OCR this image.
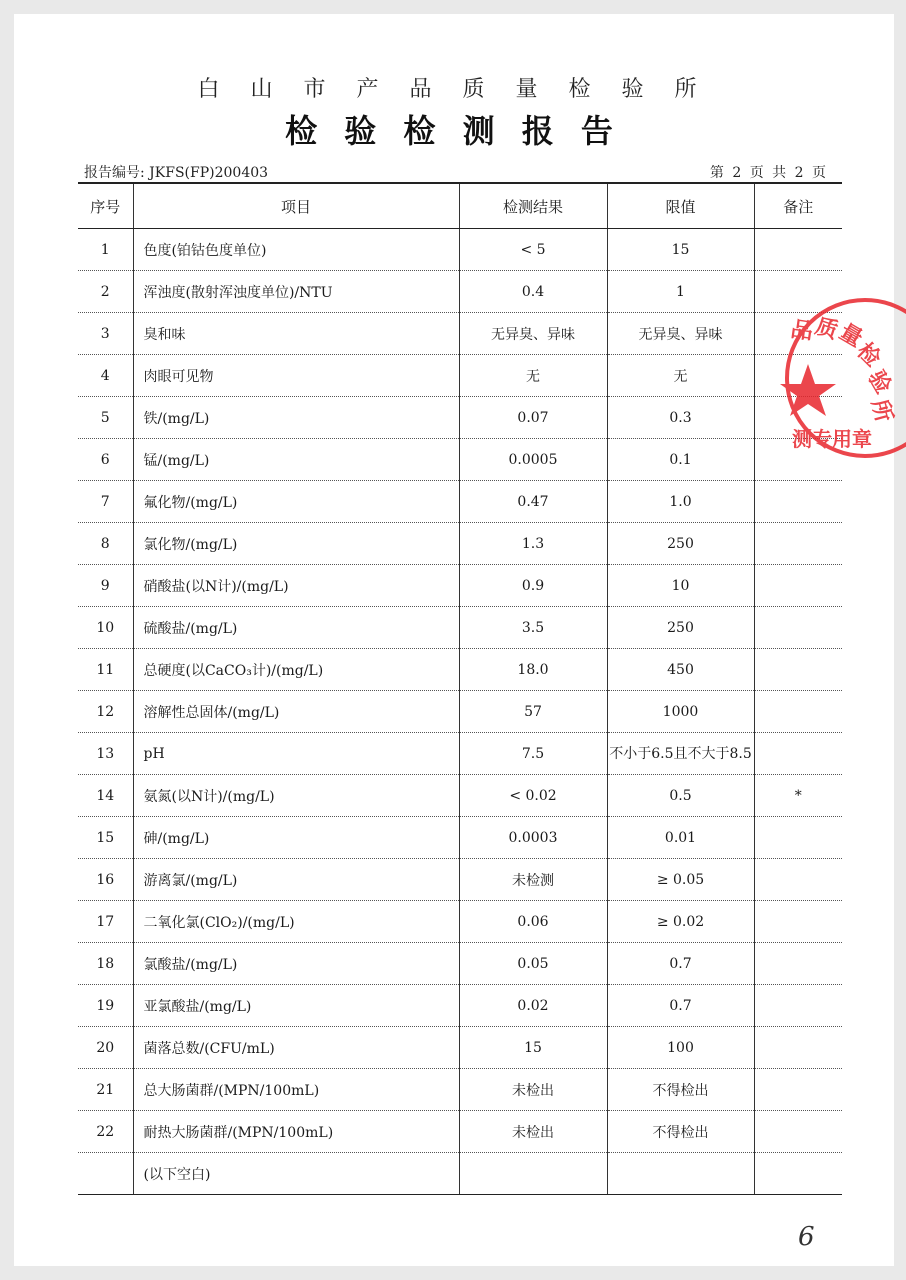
白 山 市 产 品 质 量 检 验 所
检 验 检 测 报 告
报告编号: JKFS(FP)200403	第 2 页 共 2 页
序号	项目	检测结果	限值	备注
1	色度(铂钴色度单位)	< 5	15	
2	浑浊度(散射浑浊度单位)/NTU	0.4	1	
3	臭和味	无异臭、异味	无异臭、异味	
4	肉眼可见物	无	无	
5	铁/(mg/L)	0.07	0.3	
6	锰/(mg/L)	0.0005	0.1	
7	氟化物/(mg/L)	0.47	1.0	
8	氯化物/(mg/L)	1.3	250	
9	硝酸盐(以N计)/(mg/L)	0.9	10	
10	硫酸盐/(mg/L)	3.5	250	
11	总硬度(以CaCO₃计)/(mg/L)	18.0	450	
12	溶解性总固体/(mg/L)	57	1000	
13	pH	7.5	不小于6.5且不大于8.5	
14	氨氮(以N计)/(mg/L)	< 0.02	0.5	*
15	砷/(mg/L)	0.0003	0.01	
16	游离氯/(mg/L)	未检测	≥ 0.05	
17	二氧化氯(ClO₂)/(mg/L)	0.06	≥ 0.02	
18	氯酸盐/(mg/L)	0.05	0.7	
19	亚氯酸盐/(mg/L)	0.02	0.7	
20	菌落总数/(CFU/mL)	15	100	
21	总大肠菌群/(MPN/100mL)	未检出	不得检出	
22	耐热大肠菌群/(MPN/100mL)	未检出	不得检出	
	(以下空白)			
品
质
量
检
验
所
测专用章
6
